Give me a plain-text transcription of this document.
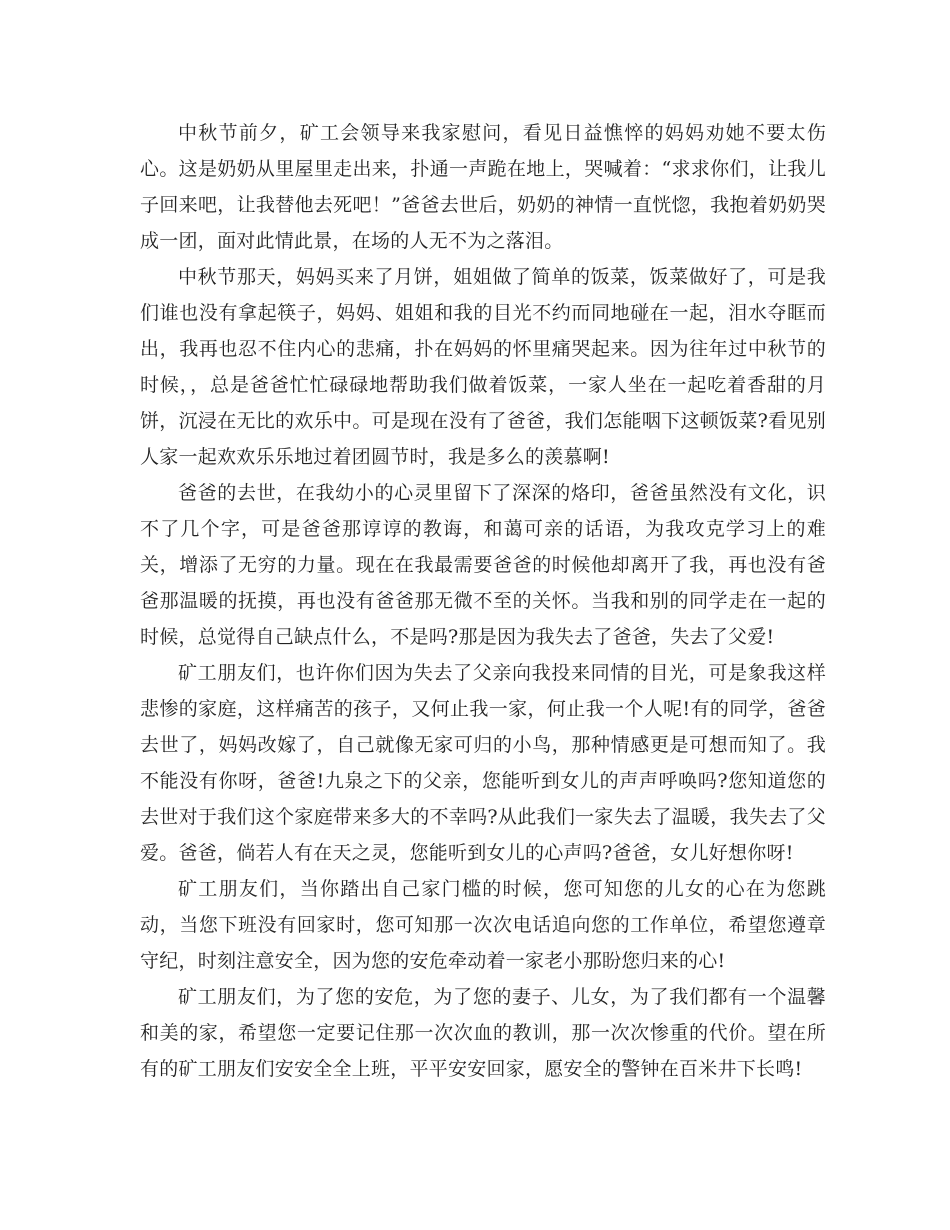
中秋节前夕，矿工会领导来我家慰问，看见日益憔悴的妈妈劝她不要太伤心。这是奶奶从里屋里走出来，扑通一声跪在地上，哭喊着：“求求你们，让我儿子回来吧，让我替他去死吧！”爸爸去世后，奶奶的神情一直恍惚，我抱着奶奶哭成一团，面对此情此景，在场的人无不为之落泪。

中秋节那天，妈妈买来了月饼，姐姐做了简单的饭菜，饭菜做好了，可是我们谁也没有拿起筷子，妈妈、姐姐和我的目光不约而同地碰在一起，泪水夺眶而出，我再也忍不住内心的悲痛，扑在妈妈的怀里痛哭起来。因为往年过中秋节的时候，，总是爸爸忙忙碌碌地帮助我们做着饭菜，一家人坐在一起吃着香甜的月饼，沉浸在无比的欢乐中。可是现在没有了爸爸，我们怎能咽下这顿饭菜?看见别人家一起欢欢乐乐地过着团圆节时，我是多么的羡慕啊!

爸爸的去世，在我幼小的心灵里留下了深深的烙印，爸爸虽然没有文化，识不了几个字，可是爸爸那谆谆的教诲，和蔼可亲的话语，为我攻克学习上的难关，增添了无穷的力量。现在在我最需要爸爸的时候他却离开了我，再也没有爸爸那温暖的抚摸，再也没有爸爸那无微不至的关怀。当我和别的同学走在一起的时候，总觉得自己缺点什么，不是吗?那是因为我失去了爸爸，失去了父爱!

矿工朋友们，也许你们因为失去了父亲向我投来同情的目光，可是象我这样悲惨的家庭，这样痛苦的孩子，又何止我一家，何止我一个人呢!有的同学，爸爸去世了，妈妈改嫁了，自己就像无家可归的小鸟，那种情感更是可想而知了。我不能没有你呀，爸爸!九泉之下的父亲，您能听到女儿的声声呼唤吗?您知道您的去世对于我们这个家庭带来多大的不幸吗?从此我们一家失去了温暖，我失去了父爱。爸爸，倘若人有在天之灵，您能听到女儿的心声吗?爸爸，女儿好想你呀!

矿工朋友们，当你踏出自己家门槛的时候，您可知您的儿女的心在为您跳动，当您下班没有回家时，您可知那一次次电话追向您的工作单位，希望您遵章守纪，时刻注意安全，因为您的安危牵动着一家老小那盼您归来的心!

矿工朋友们，为了您的安危，为了您的妻子、儿女，为了我们都有一个温馨和美的家，希望您一定要记住那一次次血的教训，那一次次惨重的代价。望在所有的矿工朋友们安安全全上班，平平安安回家，愿安全的警钟在百米井下长鸣!
